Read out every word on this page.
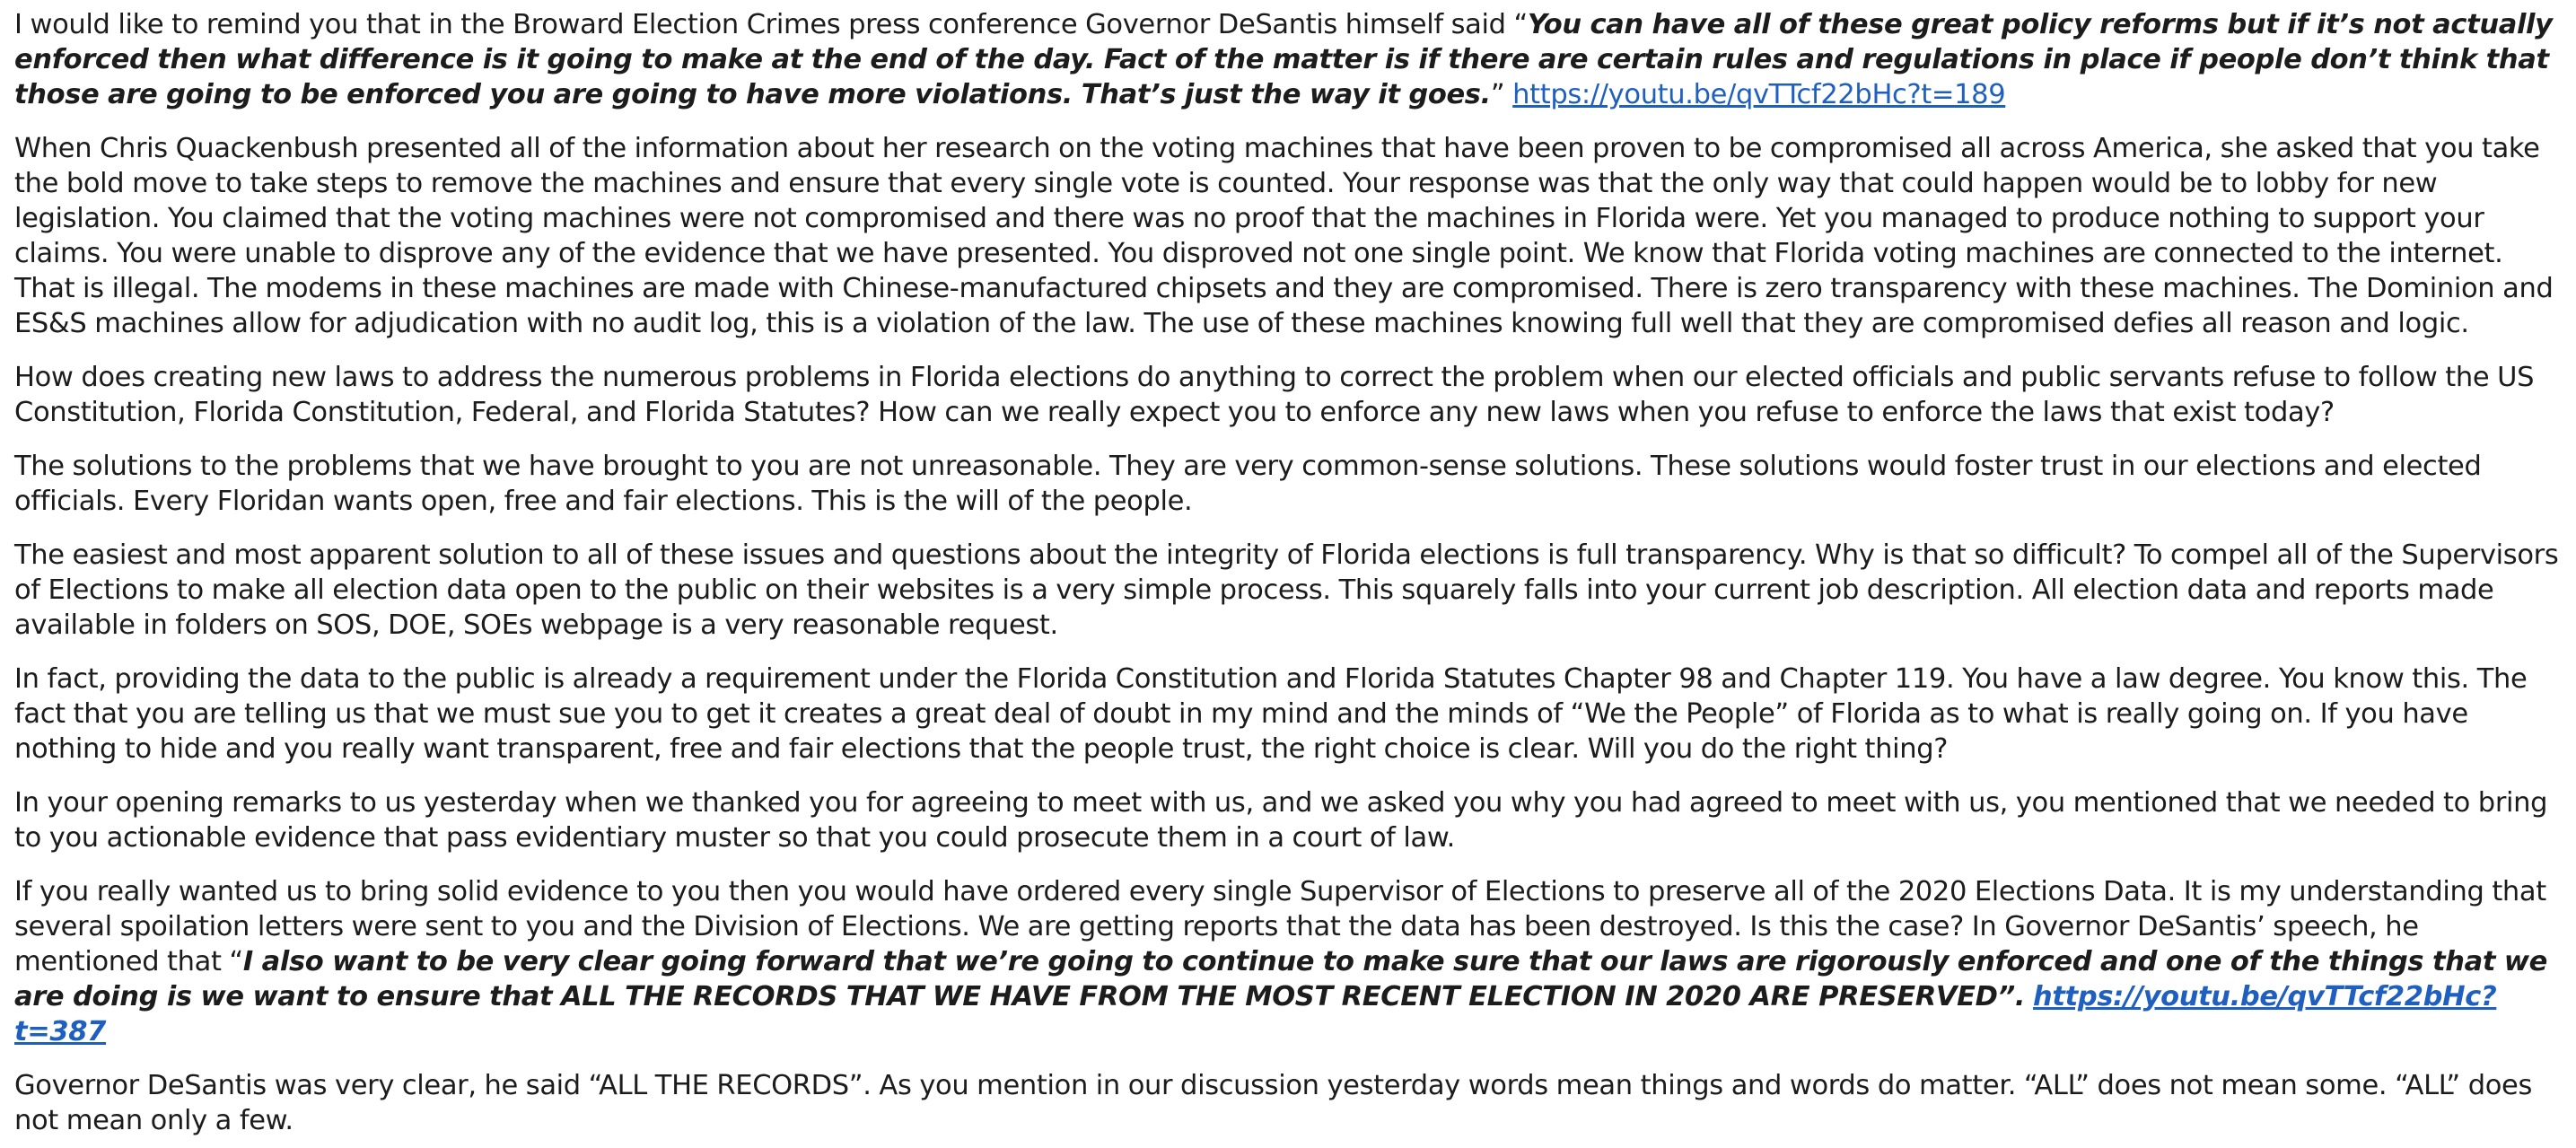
I would like to remind you that in the Broward Election Crimes press conference Governor DeSantis himself said “You can have all of these great policy reforms but if it’s not actually enforced then what difference is it going to make at the end of the day. Fact of the matter is if there are certain rules and regulations in place if people don’t think that those are going to be enforced you are going to have more violations. That’s just the way it goes.” https://youtu.be/qvTTcf22bHc?t=189

When Chris Quackenbush presented all of the information about her research on the voting machines that have been proven to be compromised all across America, she asked that you take the bold move to take steps to remove the machines and ensure that every single vote is counted. Your response was that the only way that could happen would be to lobby for new legislation. You claimed that the voting machines were not compromised and there was no proof that the machines in Florida were. Yet you managed to produce nothing to support your claims. You were unable to disprove any of the evidence that we have presented. You disproved not one single point. We know that Florida voting machines are connected to the internet. That is illegal. The modems in these machines are made with Chinese-manufactured chipsets and they are compromised. There is zero transparency with these machines. The Dominion and ES&S machines allow for adjudication with no audit log, this is a violation of the law. The use of these machines knowing full well that they are compromised defies all reason and logic.

How does creating new laws to address the numerous problems in Florida elections do anything to correct the problem when our elected officials and public servants refuse to follow the US Constitution, Florida Constitution, Federal, and Florida Statutes? How can we really expect you to enforce any new laws when you refuse to enforce the laws that exist today?

The solutions to the problems that we have brought to you are not unreasonable. They are very common-sense solutions. These solutions would foster trust in our elections and elected officials. Every Floridan wants open, free and fair elections. This is the will of the people.

The easiest and most apparent solution to all of these issues and questions about the integrity of Florida elections is full transparency. Why is that so difficult? To compel all of the Supervisors of Elections to make all election data open to the public on their websites is a very simple process. This squarely falls into your current job description. All election data and reports made available in folders on SOS, DOE, SOEs webpage is a very reasonable request.

In fact, providing the data to the public is already a requirement under the Florida Constitution and Florida Statutes Chapter 98 and Chapter 119. You have a law degree. You know this. The fact that you are telling us that we must sue you to get it creates a great deal of doubt in my mind and the minds of “We the People” of Florida as to what is really going on. If you have nothing to hide and you really want transparent, free and fair elections that the people trust, the right choice is clear. Will you do the right thing?

In your opening remarks to us yesterday when we thanked you for agreeing to meet with us, and we asked you why you had agreed to meet with us, you mentioned that we needed to bring to you actionable evidence that pass evidentiary muster so that you could prosecute them in a court of law.

If you really wanted us to bring solid evidence to you then you would have ordered every single Supervisor of Elections to preserve all of the 2020 Elections Data. It is my understanding that several spoilation letters were sent to you and the Division of Elections. We are getting reports that the data has been destroyed. Is this the case? In Governor DeSantis’ speech, he mentioned that “I also want to be very clear going forward that we’re going to continue to make sure that our laws are rigorously enforced and one of the things that we are doing is we want to ensure that ALL THE RECORDS THAT WE HAVE FROM THE MOST RECENT ELECTION IN 2020 ARE PRESERVED”. https://youtu.be/qvTTcf22bHc?t=387

Governor DeSantis was very clear, he said “ALL THE RECORDS”. As you mention in our discussion yesterday words mean things and words do matter. “ALL” does not mean some. “ALL” does not mean only a few.
